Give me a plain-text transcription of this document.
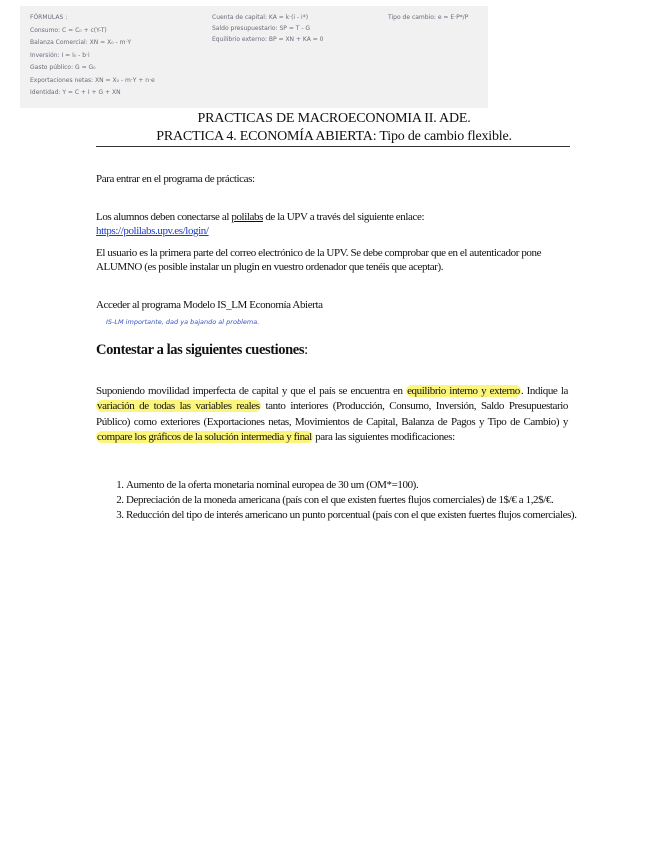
FÓRMULAS :
Consumo: C = C₀ + c(Y-T)
Balanza Comercial: XN = X₀ - m·Y
Inversión: I = I₀ - b·i
Gasto público: G = G₀
Exportaciones netas: XN = X₀ - m·Y + n·e
Identidad: Y = C + I + G + XN
Cuenta de capital: KA = k·(i - i*)
Saldo presupuestario: SP = T - G
Equilibrio externo: BP = XN + KA = 0
Tipo de cambio: e = E·P*/P
PRACTICAS DE MACROECONOMIA II. ADE.
PRACTICA 4. ECONOMÍA ABIERTA: Tipo de cambio flexible.
Para entrar en el programa de prácticas:
Los alumnos deben conectarse al polilabs de la UPV a través del siguiente enlace:
https://polilabs.upv.es/login/
El usuario es la primera parte del correo electrónico de la UPV. Se debe comprobar que en el autenticador pone ALUMNO (es posible instalar un plugin en vuestro ordenador que tenéis que aceptar).
Acceder al programa Modelo IS_LM Economía Abierta
IS-LM importante, dad ya bajando al problema.
Contestar a las siguientes cuestiones:
Suponiendo movilidad imperfecta de capital y que el país se encuentra en equilibrio interno y externo. Indique la variación de todas las variables reales tanto interiores (Producción, Consumo, Inversión, Saldo Presupuestario Público) como exteriores (Exportaciones netas, Movimientos de Capital, Balanza de Pagos y Tipo de Cambio) y compare los gráficos de la solución intermedia y final para las siguientes modificaciones:
1. Aumento de la oferta monetaria nominal europea de 30 um (OM*=100).
2. Depreciación de la moneda americana (país con el que existen fuertes flujos comerciales) de 1$/€ a 1,2$/€.
3. Reducción del tipo de interés americano un punto porcentual (país con el que existen fuertes flujos comerciales).
